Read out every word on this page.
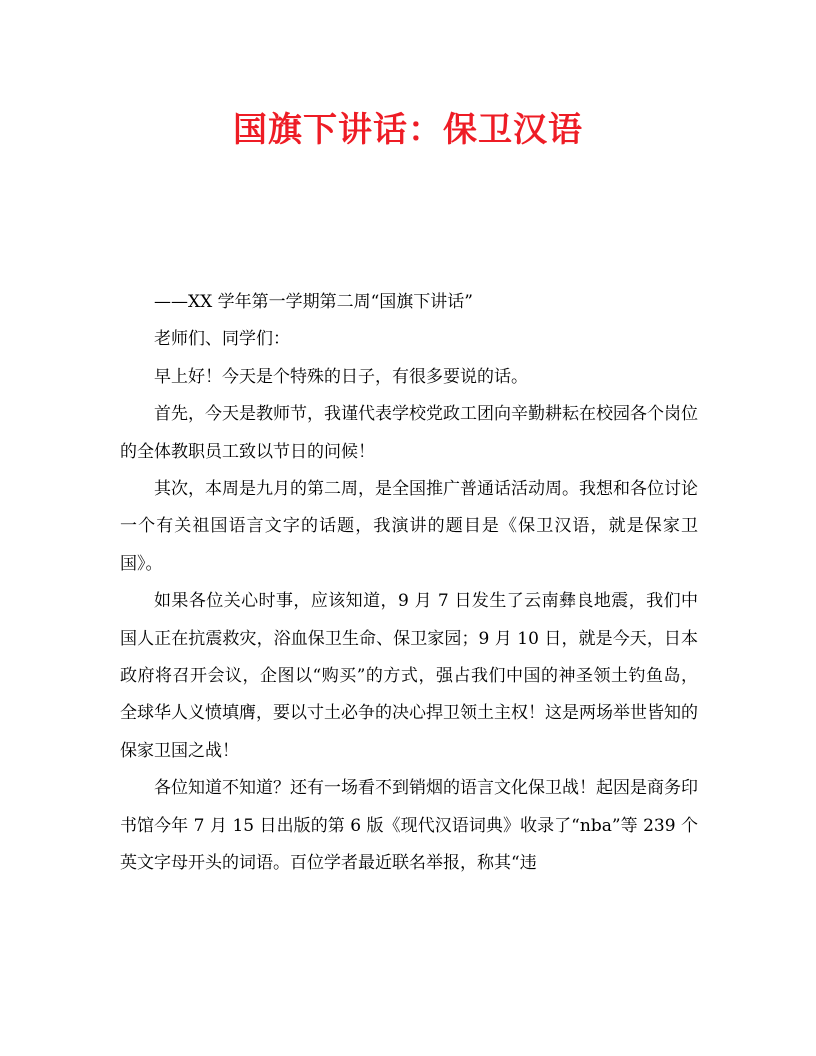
国旗下讲话：保卫汉语

——XX 学年第一学期第二周“国旗下讲话”

老师们、同学们：

早上好！今天是个特殊的日子，有很多要说的话。

首先，今天是教师节，我谨代表学校党政工团向辛勤耕耘在校园各个岗位的全体教职员工致以节日的问候！

其次，本周是九月的第二周，是全国推广普通话活动周。我想和各位讨论一个有关祖国语言文字的话题，我演讲的题目是《保卫汉语，就是保家卫国》。

如果各位关心时事，应该知道，9 月 7 日发生了云南彝良地震，我们中国人正在抗震救灾，浴血保卫生命、保卫家园；9 月 10 日，就是今天，日本政府将召开会议，企图以“购买”的方式，强占我们中国的神圣领土钓鱼岛，全球华人义愤填膺，要以寸土必争的决心捍卫领土主权！这是两场举世皆知的保家卫国之战！

各位知道不知道？还有一场看不到销烟的语言文化保卫战！起因是商务印书馆今年 7 月 15 日出版的第 6 版《现代汉语词典》收录了“nba”等 239 个英文字母开头的词语。百位学者最近联名举报，称其“违
